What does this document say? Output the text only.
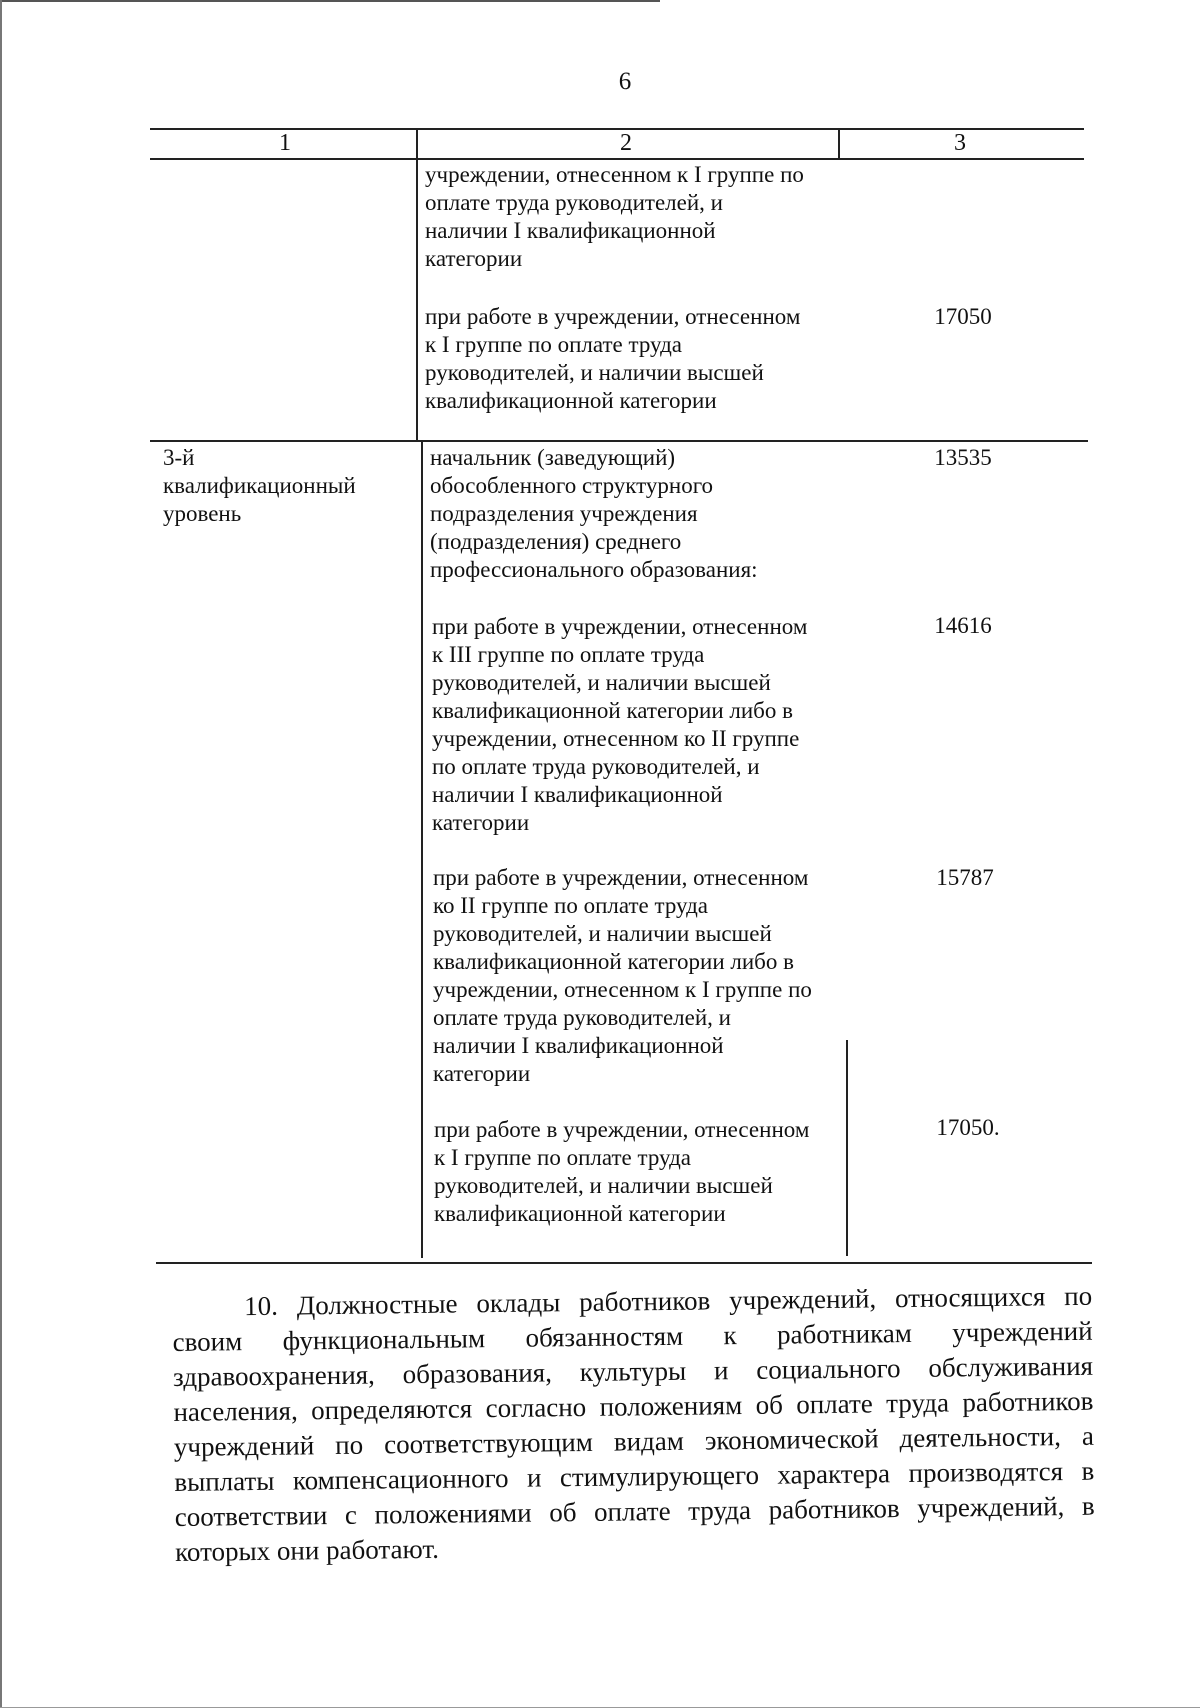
6
1	2	3
учреждении, отнесенном к I группе по
оплате труда руководителей, и
наличии I квалификационной
категории
при работе в учреждении, отнесенном
к I группе по оплате труда
руководителей, и наличии высшей
квалификационной категории
17050
3-й
квалификационный
уровень
начальник (заведующий)
обособленного структурного
подразделения учреждения
(подразделения) среднего
профессионального образования:
13535
при работе в учреждении, отнесенном
к III группе по оплате труда
руководителей, и наличии высшей
квалификационной категории либо в
учреждении, отнесенном ко II группе
по оплате труда руководителей, и
наличии I квалификационной
категории
14616
при работе в учреждении, отнесенном
ко II группе по оплате труда
руководителей, и наличии высшей
квалификационной категории либо в
учреждении, отнесенном к I группе по
оплате труда руководителей, и
наличии I квалификационной
категории
15787
при работе в учреждении, отнесенном
к I группе по оплате труда
руководителей, и наличии высшей
квалификационной категории
17050.

10. Должностные оклады работников учреждений, относящихся по своим функциональным обязанностям к работникам учреждений здравоохранения, образования, культуры и социального обслуживания населения, определяются согласно положениям об оплате труда работников учреждений по соответствующим видам экономической деятельности, а выплаты компенсационного и стимулирующего характера производятся в соответствии с положениями об оплате труда работников учреждений, в которых они работают.
